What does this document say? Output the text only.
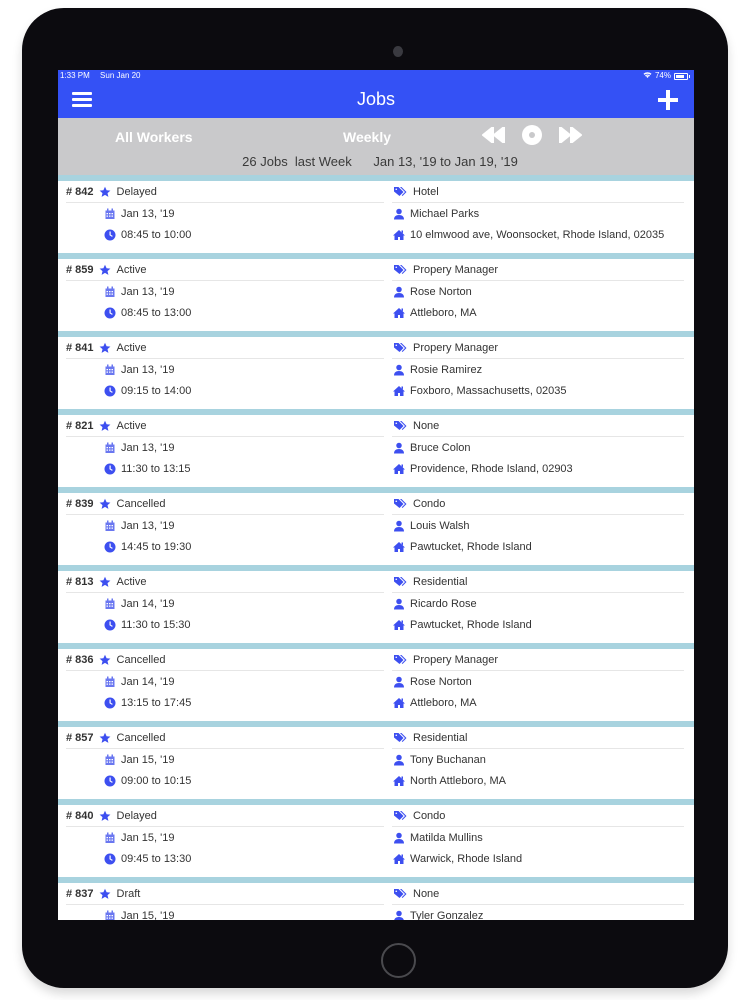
1:33 PM Sun Jan 20	74%
Jobs
All Workers	Weekly
26 Jobs  last Week Jan 13, '19 to Jan 19, '19
# 842 Delayed
Jan 13, '19
08:45 to 10:00
Hotel
Michael Parks
10 elmwood ave, Woonsocket, Rhode Island, 02035
# 859 Active
Jan 13, '19
08:45 to 13:00
Propery Manager
Rose Norton
Attleboro, MA
# 841 Active
Jan 13, '19
09:15 to 14:00
Propery Manager
Rosie Ramirez
Foxboro, Massachusetts, 02035
# 821 Active
Jan 13, '19
11:30 to 13:15
None
Bruce Colon
Providence, Rhode Island, 02903
# 839 Cancelled
Jan 13, '19
14:45 to 19:30
Condo
Louis Walsh
Pawtucket, Rhode Island
# 813 Active
Jan 14, '19
11:30 to 15:30
Residential
Ricardo Rose
Pawtucket, Rhode Island
# 836 Cancelled
Jan 14, '19
13:15 to 17:45
Propery Manager
Rose Norton
Attleboro, MA
# 857 Cancelled
Jan 15, '19
09:00 to 10:15
Residential
Tony Buchanan
North Attleboro, MA
# 840 Delayed
Jan 15, '19
09:45 to 13:30
Condo
Matilda Mullins
Warwick, Rhode Island
# 837 Draft
Jan 15, '19
None
Tyler Gonzalez
